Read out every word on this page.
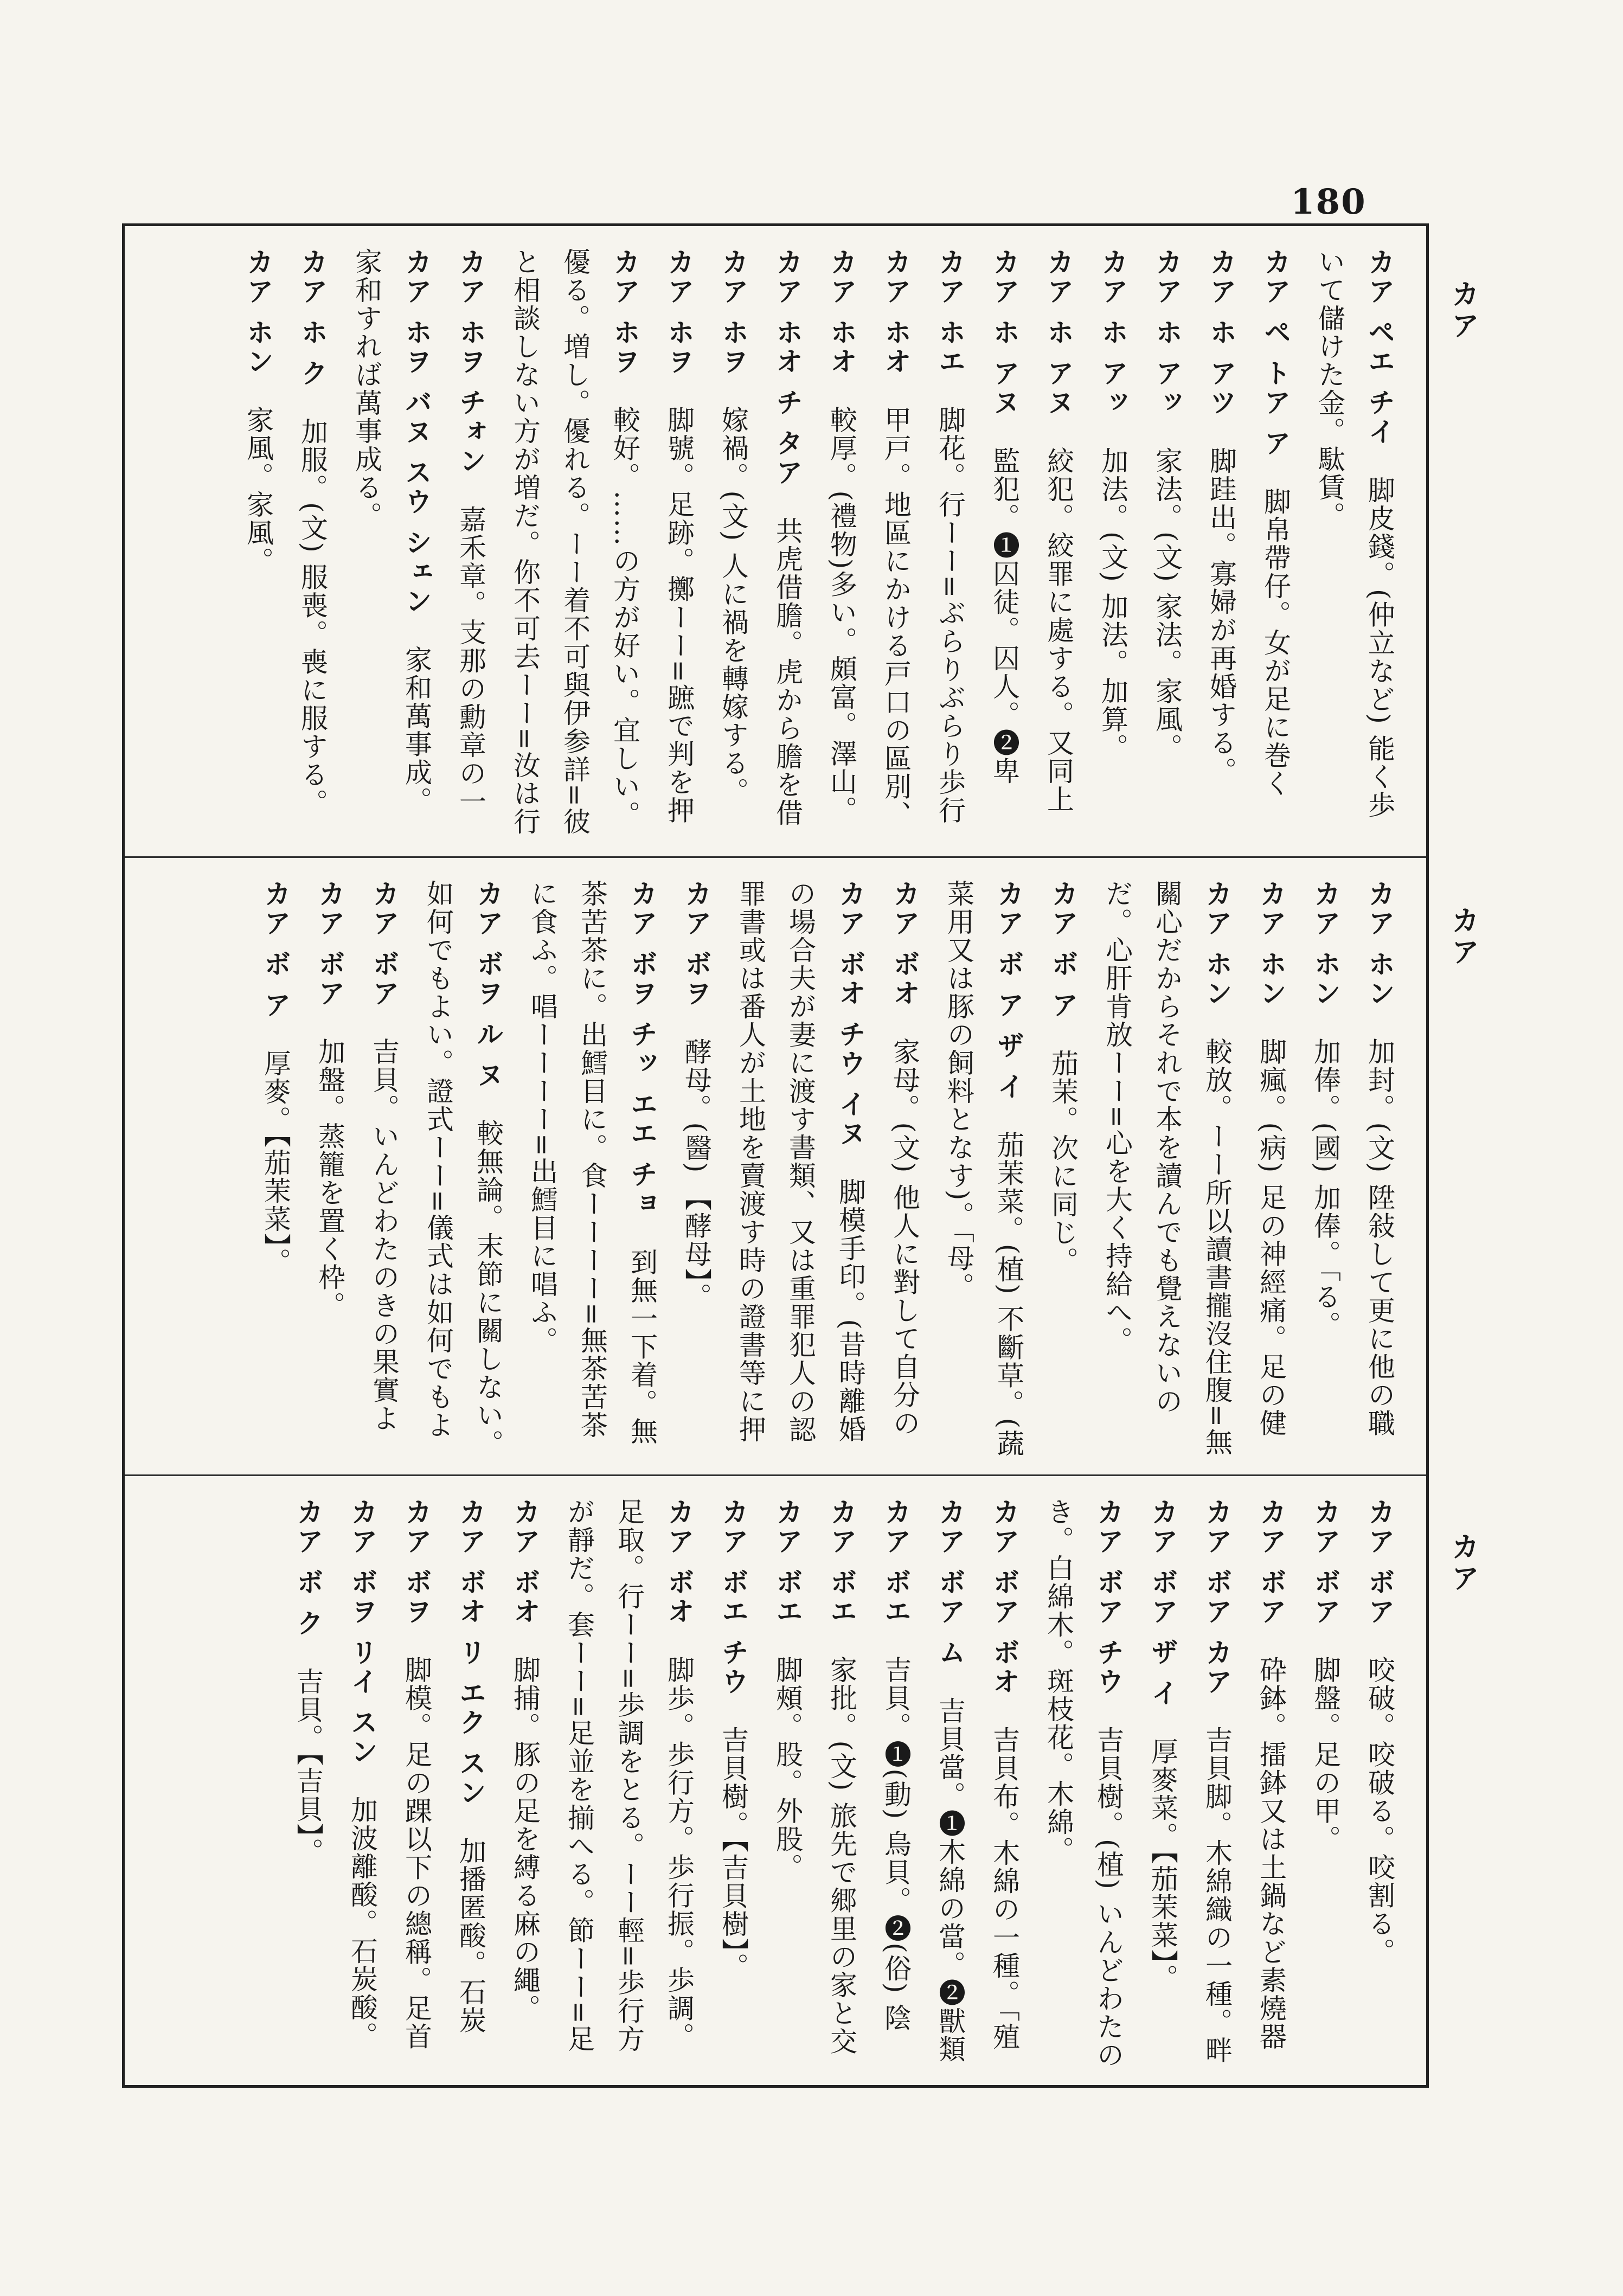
180
カア
カア
カア
カア ペエ チイ脚皮錢。(仲立など) 能く歩いて儲けた金。駄賃。
カア ペ トア ア脚帛帶仔。女が足に巻く
カア ホ アツ脚跬出。寡婦が再婚する。
カア ホ アッ家法。(文) 家法。家風。
カア ホ アッ加法。(文) 加法。加算。
カア ホ アヌ絞犯。絞罪に處する。又同上
カア ホ アヌ監犯。❶囚徒。囚人。❷卑
カア ホエ脚花。行ーー=ぶらりぶらり歩行
カア ホオ甲戸。地區にかける戸口の區別、
カア ホオ較厚。(禮物)多い。頗富。澤山。
カア ホオ チ タア共虎借膽。虎から膽を借
カア ホヲ嫁禍。(文) 人に禍を轉嫁する。
カア ホヲ脚號。足跡。擲ーー=蹠で判を押
カア ホヲ較好。……の方が好い。宜しい。優る。増し。優れる。ーー着不可與伊参詳=彼と相談しない方が増だ。你不可去ーー=汝は行
カア ホヲ チォン嘉禾章。支那の勳章の一
カア ホヲ バヌ スウ シェン家和萬事成。家和すれば萬事成る。
カア ホ ク加服。(文) 服喪。喪に服する。
カア ホン家風。家風。
カア ホン加封。(文) 陞敍して更に他の職
カア ホン加俸。(國) 加俸。「る。
カア ホン脚瘋。(病) 足の神經痛。足の健
カア ホン較放。ーー所以讀書攏沒住腹=無關心だからそれで本を讀んでも覺えないのだ。心肝肯放ーー=心を大く持給へ。
カア ボ ア茄茉。次に同じ。
カア ボ ア ザ イ茄茉菜。(植) 不斷草。(蔬菜用又は豚の飼料となす)。「母。
カア ボオ家母。(文) 他人に對して自分の
カア ボオ チウ イヌ脚模手印。(昔時離婚の場合夫が妻に渡す書類、又は重罪犯人の認罪書或は番人が土地を賣渡す時の證書等に押
カア ボヲ酵母。(醫) 【酵母】。
カア ボヲ チッ エエ チョ到無一下着。無茶苦茶に。出鱈目に。食ーーーー=無茶苦茶に食ふ。唱ーーーー=出鱈目に唱ふ。
カア ボヲ ル ヌ較無論。末節に關しない。如何でもよい。證式ーー=儀式は如何でもよ
カア ボア吉貝。いんどわたのきの果實よ
カア ボア加盤。蒸籠を置く枠。
カア ボ ア厚麥。【茄茉菜】。
カア ボア咬破。咬破る。咬割る。
カア ボア脚盤。足の甲。
カア ボア砕鉢。擂鉢又は土鍋など素燒器
カア ボア カア吉貝脚。木綿織の一種。畔
カア ボア ザ イ厚麥菜。【茄茉菜】。
カア ボア チウ吉貝樹。(植) いんどわたのき。白綿木。斑枝花。木綿。
カア ボア ボオ吉貝布。木綿の一種。「殖
カア ボア ム吉貝當。❶木綿の當。❷獸類
カア ボエ吉貝。❶(動) 烏貝。❷(俗) 陰
カア ボエ家批。(文) 旅先で郷里の家と交
カア ボエ脚頰。股。外股。
カア ボエ チウ吉貝樹。【吉貝樹】。
カア ボオ脚歩。歩行方。歩行振。歩調。足取。行ーー=歩調をとる。ーー輕=歩行方が靜だ。套ーー=足並を揃へる。節ーー=足
カア ボオ脚捕。豚の足を縛る麻の繩。
カア ボオ リ エク スン加播匿酸。石炭
カア ボヲ脚模。足の踝以下の總稱。足首
カア ボヲ リイ スン加波離酸。石炭酸。
カア ボ ク吉貝。【吉貝】。
